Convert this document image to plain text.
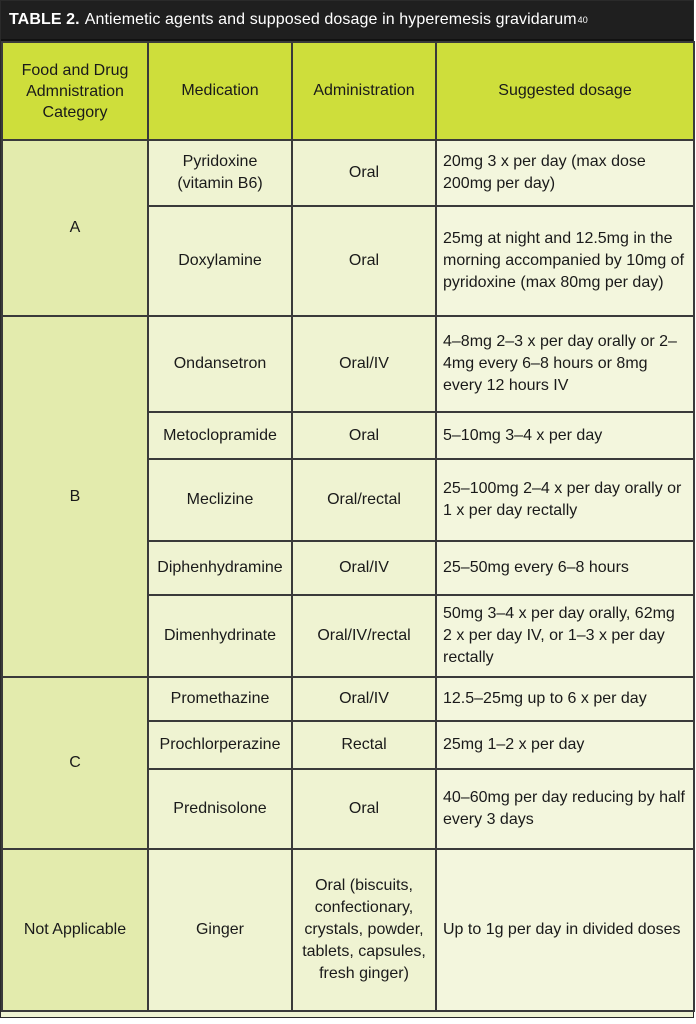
TABLE 2. Antiemetic agents and supposed dosage in hyperemesis gravidarum 40
Food and Drug Admnistration Category	Medication	Administration	Suggested dosage
A	Pyridoxine (vitamin B6)	Oral	20mg 3 x per day (max dose 200mg per day)
	Doxylamine	Oral	25mg at night and 12.5mg in the morning accompanied by 10mg of pyridoxine (max 80mg per day)
B	Ondansetron	Oral/IV	4–8mg 2–3 x per day orally or 2–4mg every 6–8 hours or 8mg every 12 hours IV
	Metoclopramide	Oral	5–10mg 3–4 x per day
	Meclizine	Oral/rectal	25–100mg 2–4 x per day orally or 1 x per day rectally
	Diphenhydramine	Oral/IV	25–50mg every 6–8 hours
	Dimenhydrinate	Oral/IV/rectal	50mg 3–4 x per day orally, 62mg 2 x per day IV, or 1–3 x per day rectally
C	Promethazine	Oral/IV	12.5–25mg up to 6 x per day
	Prochlorperazine	Rectal	25mg 1–2 x per day
	Prednisolone	Oral	40–60mg per day reducing by half every 3 days
Not Applicable	Ginger	Oral (biscuits, confectionary, crystals, powder, tablets, capsules, fresh ginger)	Up to 1g per day in divided doses
